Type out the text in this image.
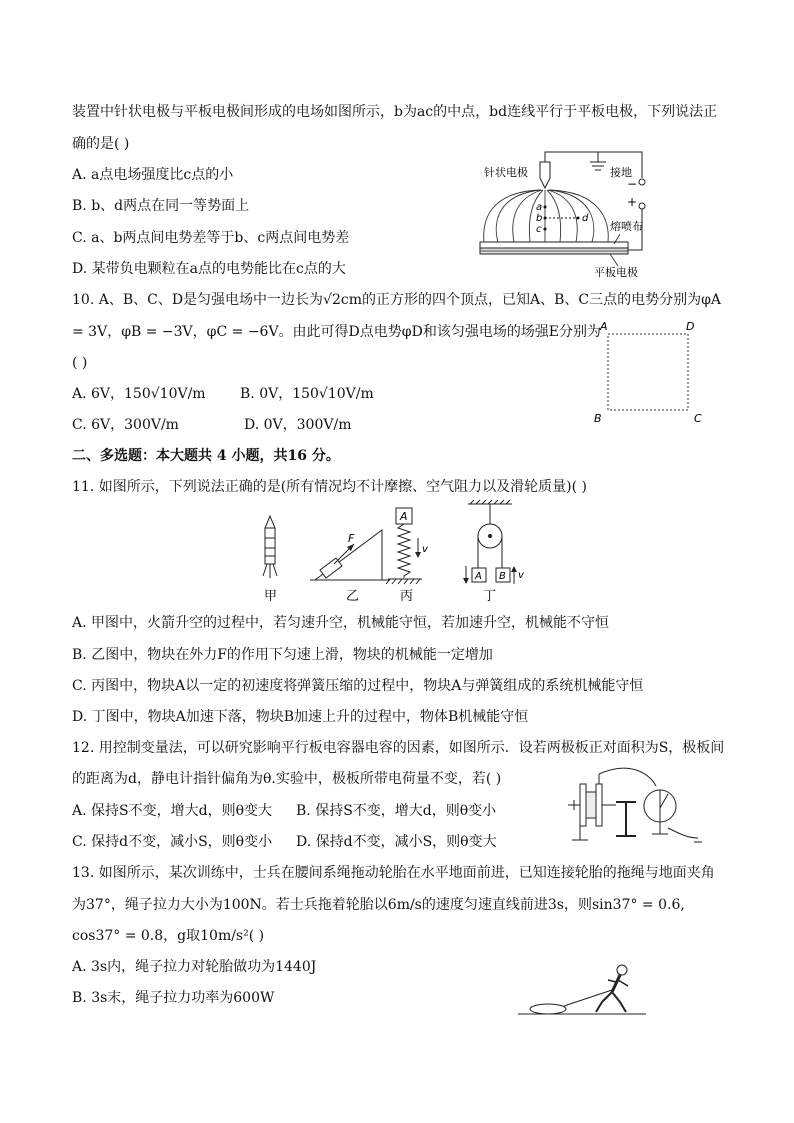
装置中针状电极与平板电极间形成的电场如图所示，b为ac的中点，bd连线平行于平板电极，下列说法正
确的是( )
A. a点电场强度比c点的小
B. b、d两点在同一等势面上
C. a、b两点间电势差等于b、c两点间电势差
D. 某带负电颗粒在a点的电势能比在c点的大
a
b
c
d
针状电极	接地
−
+
熔喷布
平板电极
10. A、B、C、D是匀强电场中一边长为√2cm的正方形的四个顶点，已知A、B、C三点的电势分别为φA
= 3V，φB = −3V，φC = −6V。由此可得D点电势φD和该匀强电场的场强E分别为
( )
A. 6V，150√10V/m B. 0V，150√10V/m
C. 6V，300V/m	D. 0V，300V/m
A	D
B	C
二、多选题：本大题共 4 小题，共16 分。
11. 如图所示，下列说法正确的是(所有情况均不计摩擦、空气阻力以及滑轮质量)( )
甲
F
乙
A
v
丙
A B v
丁
A. 甲图中，火箭升空的过程中，若匀速升空，机械能守恒，若加速升空，机械能不守恒
B. 乙图中，物块在外力F的作用下匀速上滑，物块的机械能一定增加
C. 丙图中，物块A以一定的初速度将弹簧压缩的过程中，物块A与弹簧组成的系统机械能守恒
D. 丁图中，物块A加速下落，物块B加速上升的过程中，物体B机械能守恒
12. 用控制变量法，可以研究影响平行板电容器电容的因素，如图所示．设若两极板正对面积为S，极板间
的距离为d，静电计指针偏角为θ.实验中，极板所带电荷量不变，若( )
A. 保持S不变，增大d，则θ变大 B. 保持S不变，增大d，则θ变小
C. 保持d不变，减小S，则θ变小 D. 保持d不变，减小S，则θ变大
13. 如图所示，某次训练中，士兵在腰间系绳拖动轮胎在水平地面前进，已知连接轮胎的拖绳与地面夹角
为37°，绳子拉力大小为100N。若士兵拖着轮胎以6m/s的速度匀速直线前进3s，则sin37° = 0.6,
cos37° = 0.8，g取10m/s²( )
A. 3s内，绳子拉力对轮胎做功为1440J
B. 3s末，绳子拉力功率为600W
